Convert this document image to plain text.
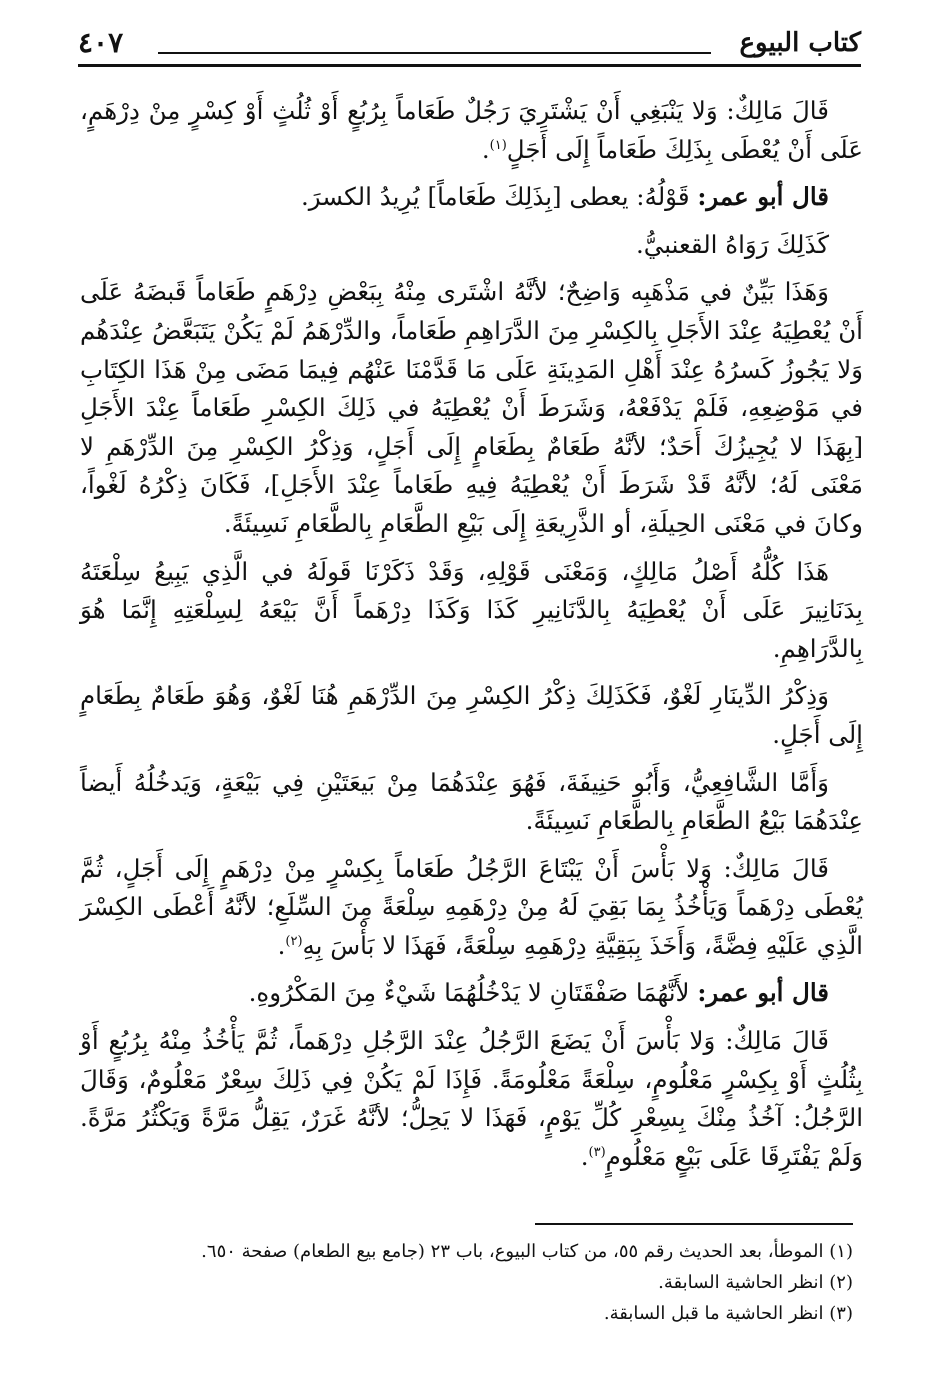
كتاب البيوع
٤٠٧

قَالَ مَالِكٌ: وَلا يَنْبَغِي أَنْ يَشْتَرِيَ رَجُلٌ طَعَاماً بِرُبُعٍ أَوْ ثُلُثٍ أَوْ كِسْرٍ مِنْ دِرْهَمٍ، عَلَى أَنْ يُعْطَى بِذَلِكَ طَعَاماً إِلَى أَجَلٍ$^{(١)}$.

قال أبو عمر: قَوْلُهُ: يعطى [بِذَلِكَ طَعَاماً] يُرِيدُ الكسرَ.

كَذَلِكَ رَوَاهُ القعنبيُّ.

وَهَذَا بَيِّنٌ في مَذْهَبِه وَاضِحٌ؛ لأنَّهُ اشْتَرى مِنْهُ بِبَعْضِ دِرْهَمٍ طَعَاماً قَبضَهُ عَلَى أَنْ يُعْطِيَهُ عِنْدَ الأَجَلِ بِالكِسْرِ مِنَ الدَّرَاهِمِ طَعَاماً، والدِّرْهَمُ لَمْ يَكُنْ يَتَبَعَّضُ عِنْدَهُم وَلا يَجُوزُ كَسرُهُ عِنْدَ أَهْلِ المَدِينَةِ عَلَى مَا قَدَّمْنَا عَنْهُم فِيمَا مَضَى مِنْ هَذَا الكِتَابِ في مَوْضِعِهِ، فَلَمْ يَدْفَعْهُ، وَشَرَطَ أَنْ يُعْطِيَهُ في ذَلِكَ الكِسْرِ طَعَاماً عِنْدَ الأَجَلِ [بِهَذَا لا يُجِيزُكَ أَحَدٌ؛ لأنَّهُ طَعَامٌ بِطَعَامٍ إِلَى أَجَلٍ، وَذِكْرُ الكِسْرِ مِنَ الدِّرْهَمِ لا مَعْنَى لَهُ؛ لأنَّهُ قَدْ شَرَطَ أَنْ يُعْطِيَهُ فِيهِ طَعَاماً عِنْدَ الأَجَلِ]، فَكَانَ ذِكْرُهُ لَغْواً، وكانَ في مَعْنَى الحِيلَةِ، أو الذَّرِيعَةِ إِلَى بَيْعِ الطَّعَامِ بِالطَّعَامِ نَسِيئَةً.

هَذَا كُلُّهُ أَصْلُ مَالِكٍ، وَمَعْنَى قَوْلِهِ، وَقَدْ ذَكَرْنَا قَولَهُ في الَّذِي يَبِيعُ سِلْعَتَهُ بِدَنَانِيرَ عَلَى أَنْ يُعْطِيَهُ بِالدَّنَانِيرِ كَذَا وَكَذَا دِرْهَماً أَنَّ بَيْعَهُ لِسِلْعَتِهِ إِنَّمَا هُوَ بِالدَّرَاهِمِ.

وَذِكْرُ الدِّينَارِ لَغْوٌ، فَكَذَلِكَ ذِكْرُ الكِسْرِ مِنَ الدِّرْهَمِ هُنَا لَغْوٌ، وَهُوَ طَعَامٌ بِطَعَامٍ إِلَى أَجَلٍ.

وَأَمَّا الشَّافِعِيُّ، وَأَبُو حَنِيفَةَ، فَهُوَ عِنْدَهُمَا مِنْ بَيعَتَيْنِ فِي بَيْعَةٍ، وَيَدخُلُهُ أَيضاً عِنْدَهُمَا بَيْعُ الطَّعَامِ بِالطَّعَامِ نَسِيئَةً.

قَالَ مَالِكٌ: وَلا بَأْسَ أَنْ يَبْتَاعَ الرَّجُلُ طَعَاماً بِكِسْرٍ مِنْ دِرْهَمٍ إِلَى أَجَلٍ، ثُمَّ يُعْطَى دِرْهَماً وَيَأْخُذُ بِمَا بَقِيَ لَهُ مِنْ دِرْهَمِهِ سِلْعَةً مِنَ السِّلَعِ؛ لأنَّهُ أَعْطَى الكِسْرَ الَّذِي عَلَيْهِ فِضَّةً، وَأَخَذَ بِبَقِيَّةِ دِرْهَمِهِ سِلْعَةً، فَهَذَا لا بَأْسَ بِهِ$^{(٢)}$.

قال أبو عمر: لأَنَّهُمَا صَفْقَتَانِ لا يَدْخُلُهُمَا شَيْءٌ مِنَ المَكْرُوهِ.

قَالَ مَالِكٌ: وَلا بَأْسَ أَنْ يَضَعَ الرَّجُلُ عِنْدَ الرَّجُلِ دِرْهَماً، ثُمَّ يَأْخُذُ مِنْهُ بِرُبُعٍ أَوْ بِثُلُثٍ أَوْ بِكِسْرٍ مَعْلُومٍ، سِلْعَةً مَعْلُومَةً. فَإِذَا لَمْ يَكُنْ فِي ذَلِكَ سِعْرٌ مَعْلُومٌ، وَقَالَ الرَّجُلُ: آخُذُ مِنْكَ بِسِعْرِ كُلِّ يَوْمٍ، فَهَذَا لا يَحِلُّ؛ لأنَّهُ غَرَرٌ، يَقِلُّ مَرَّةً وَيَكْثُرُ مَرَّةً. وَلَمْ يَفْتَرِقَا عَلَى بَيْعٍ مَعْلُومٍ$^{(٣)}$.

(١) الموطأ، بعد الحديث رقم ٥٥، من كتاب البيوع، باب ٢٣ (جامع بيع الطعام) صفحة ٦٥٠.
(٢) انظر الحاشية السابقة.
(٣) انظر الحاشية ما قبل السابقة.
